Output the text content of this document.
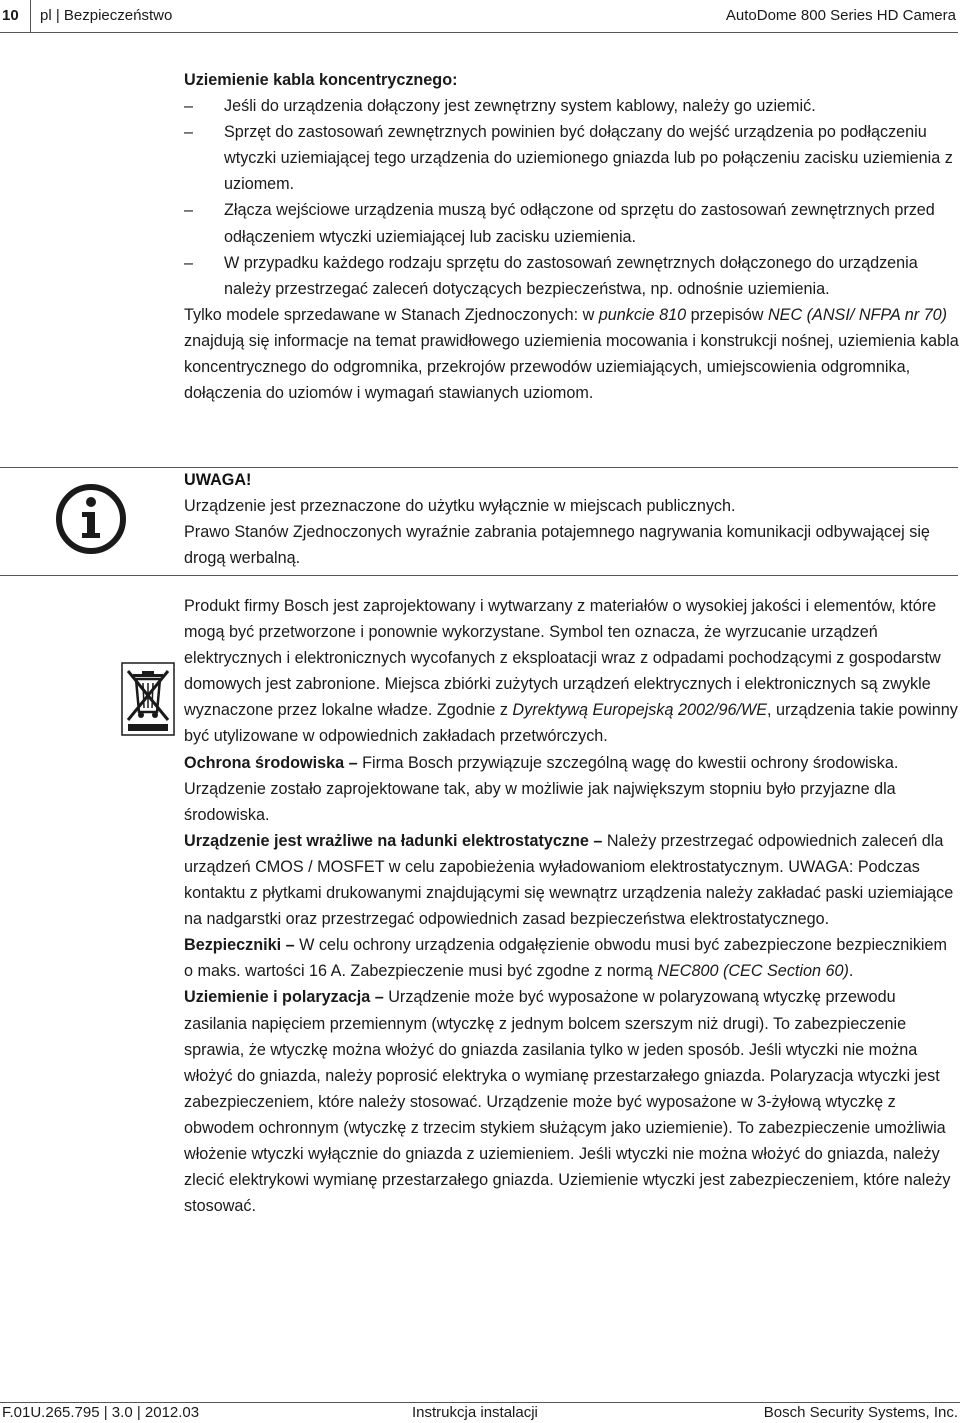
10	pl | Bezpieczeństwo	AutoDome 800 Series HD Camera
Uziemienie kabla koncentrycznego:
– Jeśli do urządzenia dołączony jest zewnętrzny system kablowy, należy go uziemić.
– Sprzęt do zastosowań zewnętrznych powinien być dołączany do wejść urządzenia po podłączeniu wtyczki uziemiającej tego urządzenia do uziemionego gniazda lub po połączeniu zacisku uziemienia z uziomem.
– Złącza wejściowe urządzenia muszą być odłączone od sprzętu do zastosowań zewnętrznych przed odłączeniem wtyczki uziemiającej lub zacisku uziemienia.
– W przypadku każdego rodzaju sprzętu do zastosowań zewnętrznych dołączonego do urządzenia należy przestrzegać zaleceń dotyczących bezpieczeństwa, np. odnośnie uziemienia.

Tylko modele sprzedawane w Stanach Zjednoczonych: w punkcie 810 przepisów NEC (ANSI/ NFPA nr 70) znajdują się informacje na temat prawidłowego uziemienia mocowania i konstrukcji nośnej, uziemienia kabla koncentrycznego do odgromnika, przekrojów przewodów uziemiających, umiejscowienia odgromnika, dołączenia do uziomów i wymagań stawianych uziomom.

UWAGA!

Urządzenie jest przeznaczone do użytku wyłącznie w miejscach publicznych.

Prawo Stanów Zjednoczonych wyraźnie zabrania potajemnego nagrywania komunikacji odbywającej się drogą werbalną.

Produkt firmy Bosch jest zaprojektowany i wytwarzany z materiałów o wysokiej jakości i elementów, które mogą być przetworzone i ponownie wykorzystane. Symbol ten oznacza, że wyrzucanie urządzeń elektrycznych i elektronicznych wycofanych z eksploatacji wraz z odpadami pochodzącymi z gospodarstw domowych jest zabronione. Miejsca zbiórki zużytych urządzeń elektrycznych i elektronicznych są zwykle wyznaczone przez lokalne władze. Zgodnie z Dyrektywą Europejską 2002/96/WE, urządzenia takie powinny być utylizowane w odpowiednich zakładach przetwórczych.

Ochrona środowiska – Firma Bosch przywiązuje szczególną wagę do kwestii ochrony środowiska. Urządzenie zostało zaprojektowane tak, aby w możliwie jak największym stopniu było przyjazne dla środowiska.

Urządzenie jest wrażliwe na ładunki elektrostatyczne – Należy przestrzegać odpowiednich zaleceń dla urządzeń CMOS / MOSFET w celu zapobieżenia wyładowaniom elektrostatycznym. UWAGA: Podczas kontaktu z płytkami drukowanymi znajdującymi się wewnątrz urządzenia należy zakładać paski uziemiające na nadgarstki oraz przestrzegać odpowiednich zasad bezpieczeństwa elektrostatycznego.

Bezpieczniki – W celu ochrony urządzenia odgałęzienie obwodu musi być zabezpieczone bezpiecznikiem o maks. wartości 16 A. Zabezpieczenie musi być zgodne z normą NEC800 (CEC Section 60).

Uziemienie i polaryzacja – Urządzenie może być wyposażone w polaryzowaną wtyczkę przewodu zasilania napięciem przemiennym (wtyczkę z jednym bolcem szerszym niż drugi). To zabezpieczenie sprawia, że wtyczkę można włożyć do gniazda zasilania tylko w jeden sposób. Jeśli wtyczki nie można włożyć do gniazda, należy poprosić elektryka o wymianę przestarzałego gniazda. Polaryzacja wtyczki jest zabezpieczeniem, które należy stosować. Urządzenie może być wyposażone w 3-żyłową wtyczkę z obwodem ochronnym (wtyczkę z trzecim stykiem służącym jako uziemienie). To zabezpieczenie umożliwia włożenie wtyczki wyłącznie do gniazda z uziemieniem. Jeśli wtyczki nie można włożyć do gniazda, należy zlecić elektrykowi wymianę przestarzałego gniazda. Uziemienie wtyczki jest zabezpieczeniem, które należy stosować.

F.01U.265.795 | 3.0 | 2012.03	Instrukcja instalacji	Bosch Security Systems, Inc.
